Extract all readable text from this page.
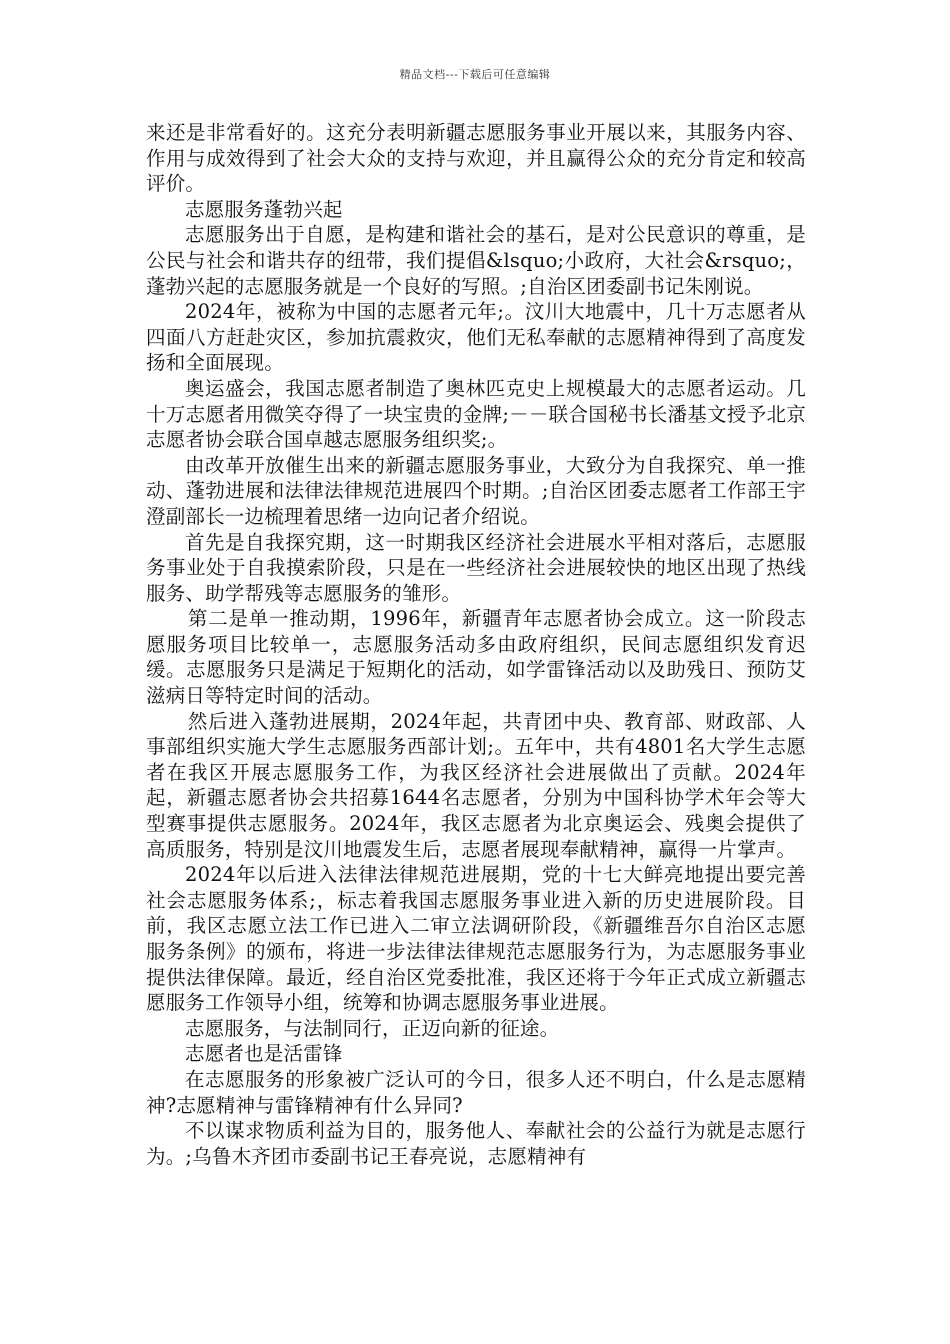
精品文档---下载后可任意编辑

来还是非常看好的。这充分表明新疆志愿服务事业开展以来，其服务内容、作用与成效得到了社会大众的支持与欢迎，并且赢得公众的充分肯定和较高评价。

志愿服务蓬勃兴起

志愿服务出于自愿，是构建和谐社会的基石，是对公民意识的尊重，是公民与社会和谐共存的纽带，我们提倡&lsquo;小政府，大社会&rsquo;，蓬勃兴起的志愿服务就是一个良好的写照。;自治区团委副书记朱刚说。

2024年，被称为中国的志愿者元年;。汶川大地震中，几十万志愿者从四面八方赶赴灾区，参加抗震救灾，他们无私奉献的志愿精神得到了高度发扬和全面展现。

奥运盛会，我国志愿者制造了奥林匹克史上规模最大的志愿者运动。几十万志愿者用微笑夺得了一块宝贵的金牌;－－联合国秘书长潘基文授予北京志愿者协会联合国卓越志愿服务组织奖;。

由改革开放催生出来的新疆志愿服务事业，大致分为自我探究、单一推动、蓬勃进展和法律法律规范进展四个时期。;自治区团委志愿者工作部王宇澄副部长一边梳理着思绪一边向记者介绍说。

首先是自我探究期，这一时期我区经济社会进展水平相对落后，志愿服务事业处于自我摸索阶段，只是在一些经济社会进展较快的地区出现了热线服务、助学帮残等志愿服务的雏形。

第二是单一推动期，1996年，新疆青年志愿者协会成立。这一阶段志愿服务项目比较单一，志愿服务活动多由政府组织，民间志愿组织发育迟缓。志愿服务只是满足于短期化的活动，如学雷锋活动以及助残日、预防艾滋病日等特定时间的活动。

然后进入蓬勃进展期，2024年起，共青团中央、教育部、财政部、人事部组织实施大学生志愿服务西部计划;。五年中，共有4801名大学生志愿者在我区开展志愿服务工作，为我区经济社会进展做出了贡献。2024年起，新疆志愿者协会共招募1644名志愿者，分别为中国科协学术年会等大型赛事提供志愿服务。2024年，我区志愿者为北京奥运会、残奥会提供了高质服务，特别是汶川地震发生后，志愿者展现奉献精神，赢得一片掌声。

2024年以后进入法律法律规范进展期，党的十七大鲜亮地提出要完善社会志愿服务体系;，标志着我国志愿服务事业进入新的历史进展阶段。目前，我区志愿立法工作已进入二审立法调研阶段，《新疆维吾尔自治区志愿服务条例》的颁布，将进一步法律法律规范志愿服务行为，为志愿服务事业提供法律保障。最近，经自治区党委批准，我区还将于今年正式成立新疆志愿服务工作领导小组，统筹和协调志愿服务事业进展。

志愿服务，与法制同行，正迈向新的征途。

志愿者也是活雷锋

在志愿服务的形象被广泛认可的今日，很多人还不明白，什么是志愿精神?志愿精神与雷锋精神有什么异同?

不以谋求物质利益为目的，服务他人、奉献社会的公益行为就是志愿行为。;乌鲁木齐团市委副书记王春亮说，志愿精神有
